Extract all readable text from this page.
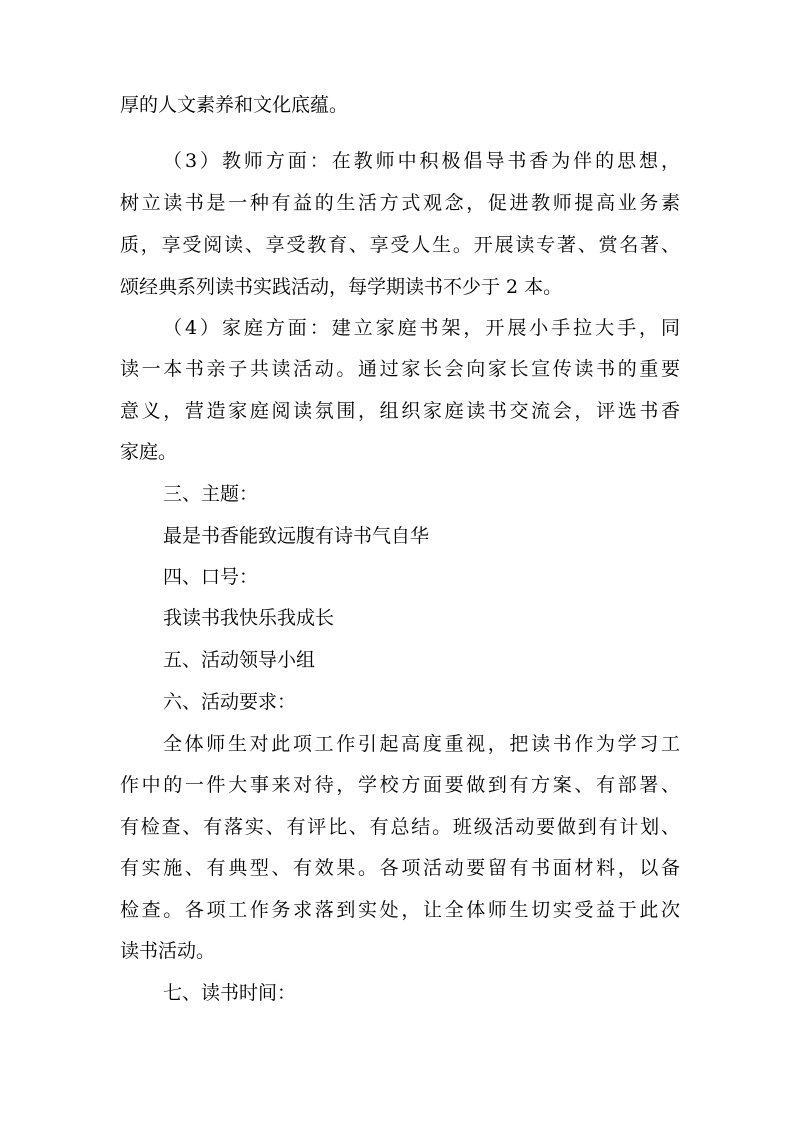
厚的人文素养和文化底蕴。
（3）教师方面：在教师中积极倡导书香为伴的思想，
树立读书是一种有益的生活方式观念，促进教师提高业务素
质，享受阅读、享受教育、享受人生。开展读专著、赏名著、
颂经典系列读书实践活动，每学期读书不少于 2 本。
（4）家庭方面：建立家庭书架，开展小手拉大手，同
读一本书亲子共读活动。通过家长会向家长宣传读书的重要
意义，营造家庭阅读氛围，组织家庭读书交流会，评选书香
家庭。
三、主题：
最是书香能致远腹有诗书气自华
四、口号：
我读书我快乐我成长
五、活动领导小组
六、活动要求：
全体师生对此项工作引起高度重视，把读书作为学习工
作中的一件大事来对待，学校方面要做到有方案、有部署、
有检查、有落实、有评比、有总结。班级活动要做到有计划、
有实施、有典型、有效果。各项活动要留有书面材料，以备
检查。各项工作务求落到实处，让全体师生切实受益于此次
读书活动。
七、读书时间：
